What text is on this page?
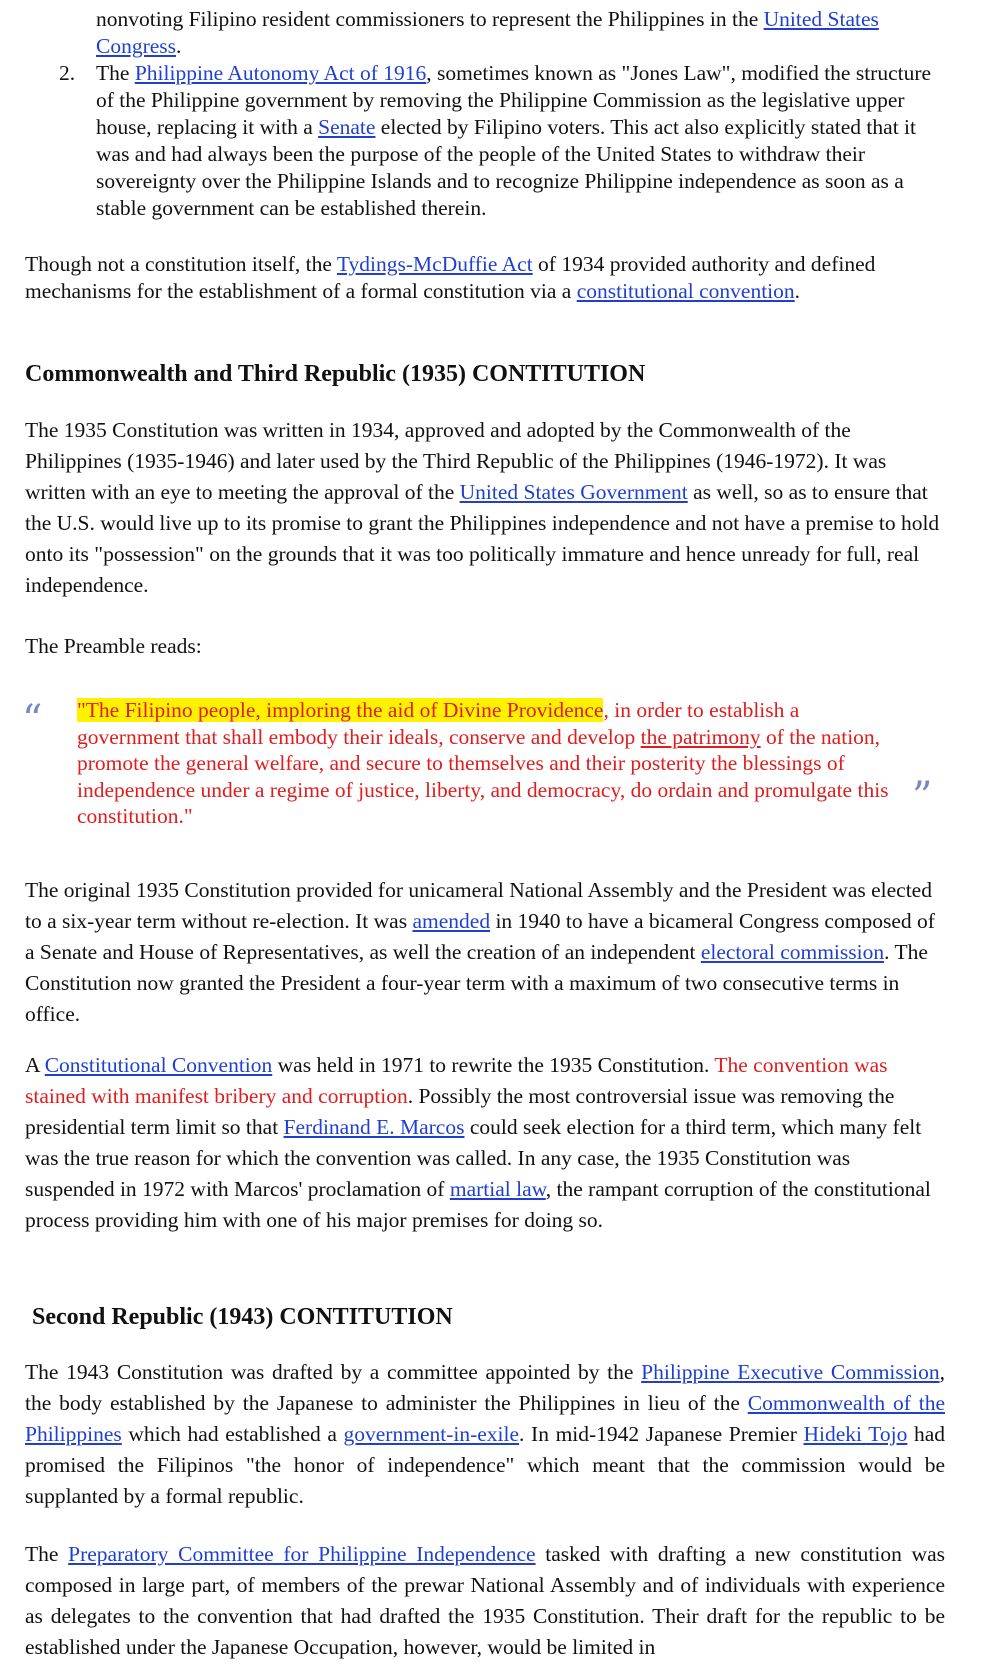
nonvoting Filipino resident commissioners to represent the Philippines in the United States Congress.

2. The Philippine Autonomy Act of 1916, sometimes known as "Jones Law", modified the structure of the Philippine government by removing the Philippine Commission as the legislative upper house, replacing it with a Senate elected by Filipino voters. This act also explicitly stated that it was and had always been the purpose of the people of the United States to withdraw their sovereignty over the Philippine Islands and to recognize Philippine independence as soon as a stable government can be established therein.

Though not a constitution itself, the Tydings-McDuffie Act of 1934 provided authority and defined mechanisms for the establishment of a formal constitution via a constitutional convention.

Commonwealth and Third Republic (1935) CONTITUTION

The 1935 Constitution was written in 1934, approved and adopted by the Commonwealth of the Philippines (1935-1946) and later used by the Third Republic of the Philippines (1946-1972). It was written with an eye to meeting the approval of the United States Government as well, so as to ensure that the U.S. would live up to its promise to grant the Philippines independence and not have a premise to hold onto its "possession" on the grounds that it was too politically immature and hence unready for full, real independence.

The Preamble reads:

“ "The Filipino people, imploring the aid of Divine Providence, in order to establish a government that shall embody their ideals, conserve and develop the patrimony of the nation, promote the general welfare, and secure to themselves and their posterity the blessings of independence under a regime of justice, liberty, and democracy, do ordain and promulgate this constitution."	”

The original 1935 Constitution provided for unicameral National Assembly and the President was elected to a six-year term without re-election. It was amended in 1940 to have a bicameral Congress composed of a Senate and House of Representatives, as well the creation of an independent electoral commission. The Constitution now granted the President a four-year term with a maximum of two consecutive terms in office.

A Constitutional Convention was held in 1971 to rewrite the 1935 Constitution. The convention was stained with manifest bribery and corruption. Possibly the most controversial issue was removing the presidential term limit so that Ferdinand E. Marcos could seek election for a third term, which many felt was the true reason for which the convention was called. In any case, the 1935 Constitution was suspended in 1972 with Marcos' proclamation of martial law, the rampant corruption of the constitutional process providing him with one of his major premises for doing so.

Second Republic (1943) CONTITUTION

The 1943 Constitution was drafted by a committee appointed by the Philippine Executive Commission, the body established by the Japanese to administer the Philippines in lieu of the Commonwealth of the Philippines which had established a government-in-exile. In mid-1942 Japanese Premier Hideki Tojo had promised the Filipinos "the honor of independence" which meant that the commission would be supplanted by a formal republic.

The Preparatory Committee for Philippine Independence tasked with drafting a new constitution was composed in large part, of members of the prewar National Assembly and of individuals with experience as delegates to the convention that had drafted the 1935 Constitution. Their draft for the republic to be established under the Japanese Occupation, however, would be limited in
